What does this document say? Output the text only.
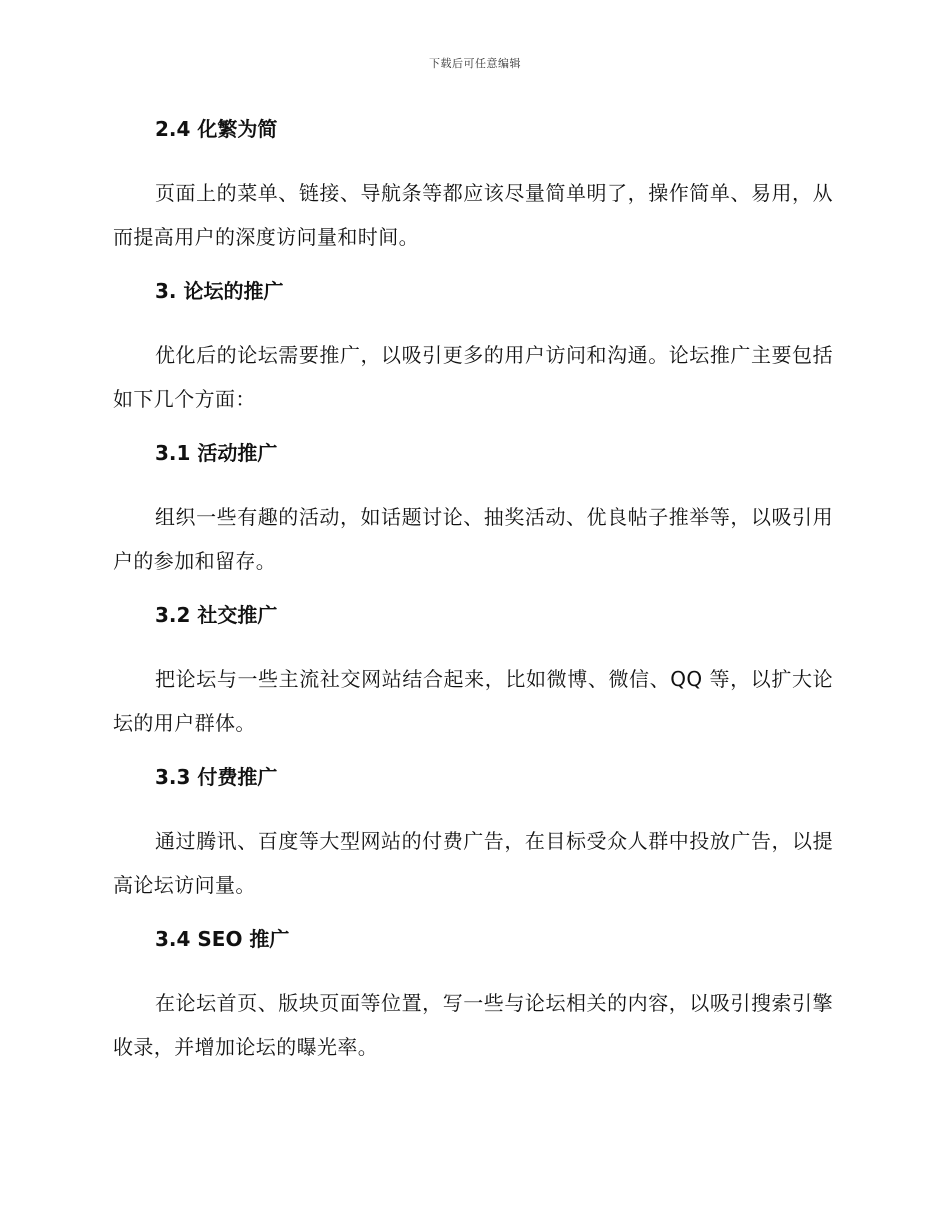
下载后可任意编辑
2.4 化繁为简

页面上的菜单、链接、导航条等都应该尽量简单明了，操作简单、易用，从而提高用户的深度访问量和时间。

3. 论坛的推广

优化后的论坛需要推广，以吸引更多的用户访问和沟通。论坛推广主要包括如下几个方面：

3.1 活动推广

组织一些有趣的活动，如话题讨论、抽奖活动、优良帖子推举等，以吸引用户的参加和留存。

3.2 社交推广

把论坛与一些主流社交网站结合起来，比如微博、微信、QQ 等，以扩大论坛的用户群体。

3.3 付费推广

通过腾讯、百度等大型网站的付费广告，在目标受众人群中投放广告，以提高论坛访问量。

3.4 SEO 推广

在论坛首页、版块页面等位置，写一些与论坛相关的内容，以吸引搜索引擎收录，并增加论坛的曝光率。
